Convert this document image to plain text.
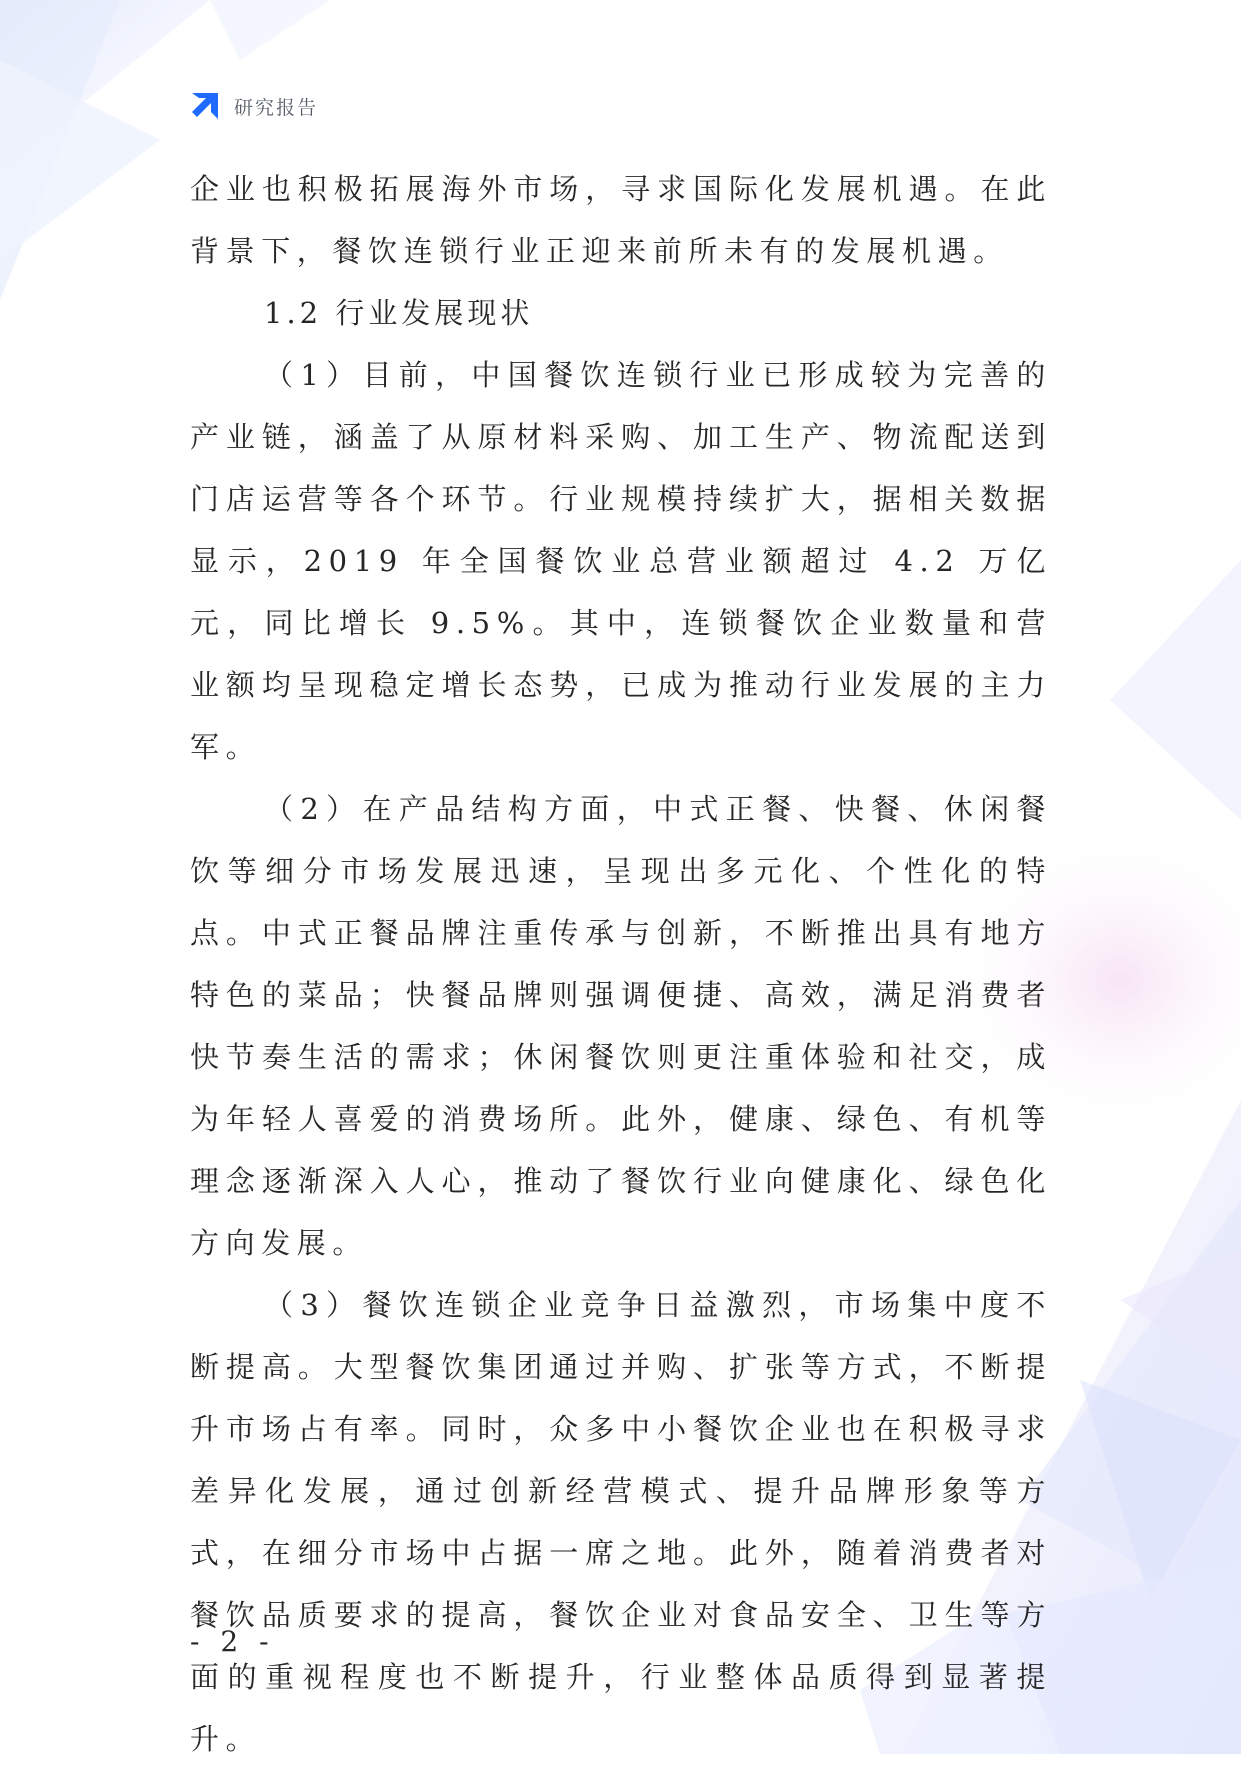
研究报告

企业也积极拓展海外市场，寻求国际化发展机遇。在此背景下，餐饮连锁行业正迎来前所未有的发展机遇。

1.2 行业发展现状

（1）目前，中国餐饮连锁行业已形成较为完善的产业链，涵盖了从原材料采购、加工生产、物流配送到门店运营等各个环节。行业规模持续扩大，据相关数据显示，2019 年全国餐饮业总营业额超过 4.2 万亿元，同比增长 9.5%。其中，连锁餐饮企业数量和营业额均呈现稳定增长态势，已成为推动行业发展的主力军。

（2）在产品结构方面，中式正餐、快餐、休闲餐饮等细分市场发展迅速，呈现出多元化、个性化的特点。中式正餐品牌注重传承与创新，不断推出具有地方特色的菜品；快餐品牌则强调便捷、高效，满足消费者快节奏生活的需求；休闲餐饮则更注重体验和社交，成为年轻人喜爱的消费场所。此外，健康、绿色、有机等理念逐渐深入人心，推动了餐饮行业向健康化、绿色化方向发展。

（3）餐饮连锁企业竞争日益激烈，市场集中度不断提高。大型餐饮集团通过并购、扩张等方式，不断提升市场占有率。同时，众多中小餐饮企业也在积极寻求差异化发展，通过创新经营模式、提升品牌形象等方式，在细分市场中占据一席之地。此外，随着消费者对餐饮品质要求的提高，餐饮企业对食品安全、卫生等方面的重视程度也不断提升，行业整体品质得到显著提升。

- 2 -
